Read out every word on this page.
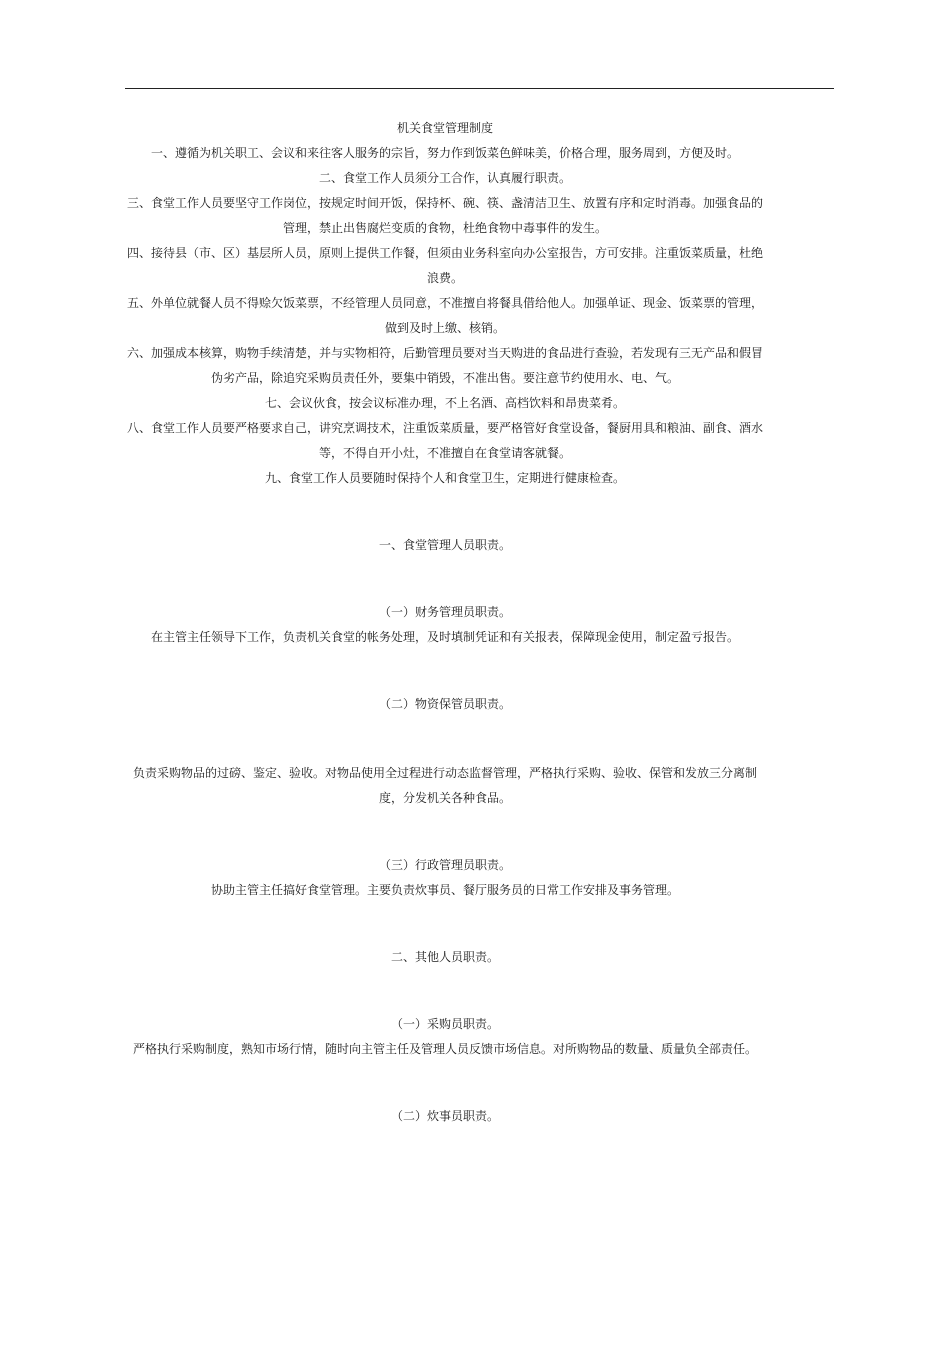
机关食堂管理制度

一、遵循为机关职工、会议和来往客人服务的宗旨，努力作到饭菜色鲜味美，价格合理，服务周到，方便及时。

二、食堂工作人员须分工合作，认真履行职责。

三、食堂工作人员要坚守工作岗位，按规定时间开饭，保持杯、碗、筷、盏清洁卫生、放置有序和定时消毒。加强食品的管理，禁止出售腐烂变质的食物，杜绝食物中毒事件的发生。

四、接待县（市、区）基层所人员，原则上提供工作餐，但须由业务科室向办公室报告，方可安排。注重饭菜质量，杜绝浪费。

五、外单位就餐人员不得赊欠饭菜票，不经管理人员同意，不准擅自将餐具借给他人。加强单证、现金、饭菜票的管理，做到及时上缴、核销。

六、加强成本核算，购物手续清楚，并与实物相符，后勤管理员要对当天购进的食品进行查验，若发现有三无产品和假冒伪劣产品，除追究采购员责任外，要集中销毁，不准出售。要注意节约使用水、电、气。

七、会议伙食，按会议标准办理，不上名酒、高档饮料和昂贵菜肴。

八、食堂工作人员要严格要求自己，讲究烹调技术，注重饭菜质量，要严格管好食堂设备，餐厨用具和粮油、副食、酒水等，不得自开小灶，不准擅自在食堂请客就餐。

九、食堂工作人员要随时保持个人和食堂卫生，定期进行健康检查。

一、食堂管理人员职责。

（一）财务管理员职责。

在主管主任领导下工作，负责机关食堂的帐务处理，及时填制凭证和有关报表，保障现金使用，制定盈亏报告。

（二）物资保管员职责。

负责采购物品的过磅、鉴定、验收。对物品使用全过程进行动态监督管理，严格执行采购、验收、保管和发放三分离制度，分发机关各种食品。

（三）行政管理员职责。

协助主管主任搞好食堂管理。主要负责炊事员、餐厅服务员的日常工作安排及事务管理。

二、其他人员职责。

（一）采购员职责。

严格执行采购制度，熟知市场行情，随时向主管主任及管理人员反馈市场信息。对所购物品的数量、质量负全部责任。

（二）炊事员职责。
